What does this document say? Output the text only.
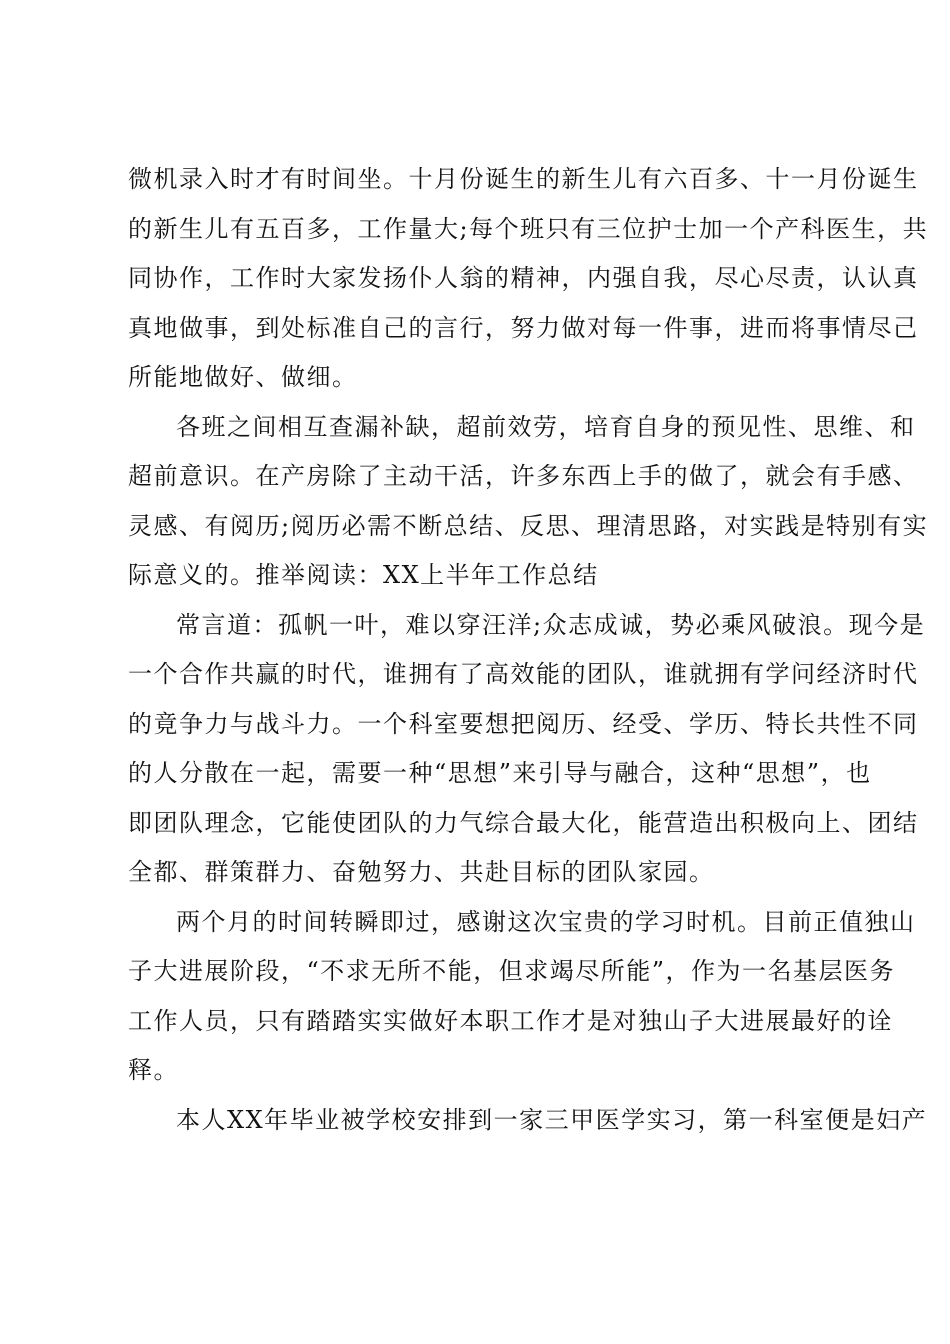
微机录入时才有时间坐。十月份诞生的新生儿有六百多、十一月份诞生
的新生儿有五百多，工作量大;每个班只有三位护士加一个产科医生，共
同协作，工作时大家发扬仆人翁的精神，内强自我，尽心尽责，认认真
真地做事，到处标准自己的言行，努力做对每一件事，进而将事情尽己
所能地做好、做细。
各班之间相互查漏补缺，超前效劳，培育自身的预见性、思维、和
超前意识。在产房除了主动干活，许多东西上手的做了，就会有手感、
灵感、有阅历;阅历必需不断总结、反思、理清思路，对实践是特别有实
际意义的。推举阅读：XX上半年工作总结
常言道：孤帆一叶，难以穿汪洋;众志成诚，势必乘风破浪。现今是
一个合作共赢的时代，谁拥有了高效能的团队，谁就拥有学问经济时代
的竟争力与战斗力。一个科室要想把阅历、经受、学历、特长共性不同
的人分散在一起，需要一种“思想”来引导与融合，这种“思想”，也
即团队理念，它能使团队的力气综合最大化，能营造出积极向上、团结
全都、群策群力、奋勉努力、共赴目标的团队家园。
两个月的时间转瞬即过，感谢这次宝贵的学习时机。目前正值独山
子大进展阶段，“不求无所不能，但求竭尽所能”，作为一名基层医务
工作人员，只有踏踏实实做好本职工作才是对独山子大进展最好的诠
释。
本人XX年毕业被学校安排到一家三甲医学实习，第一科室便是妇产
